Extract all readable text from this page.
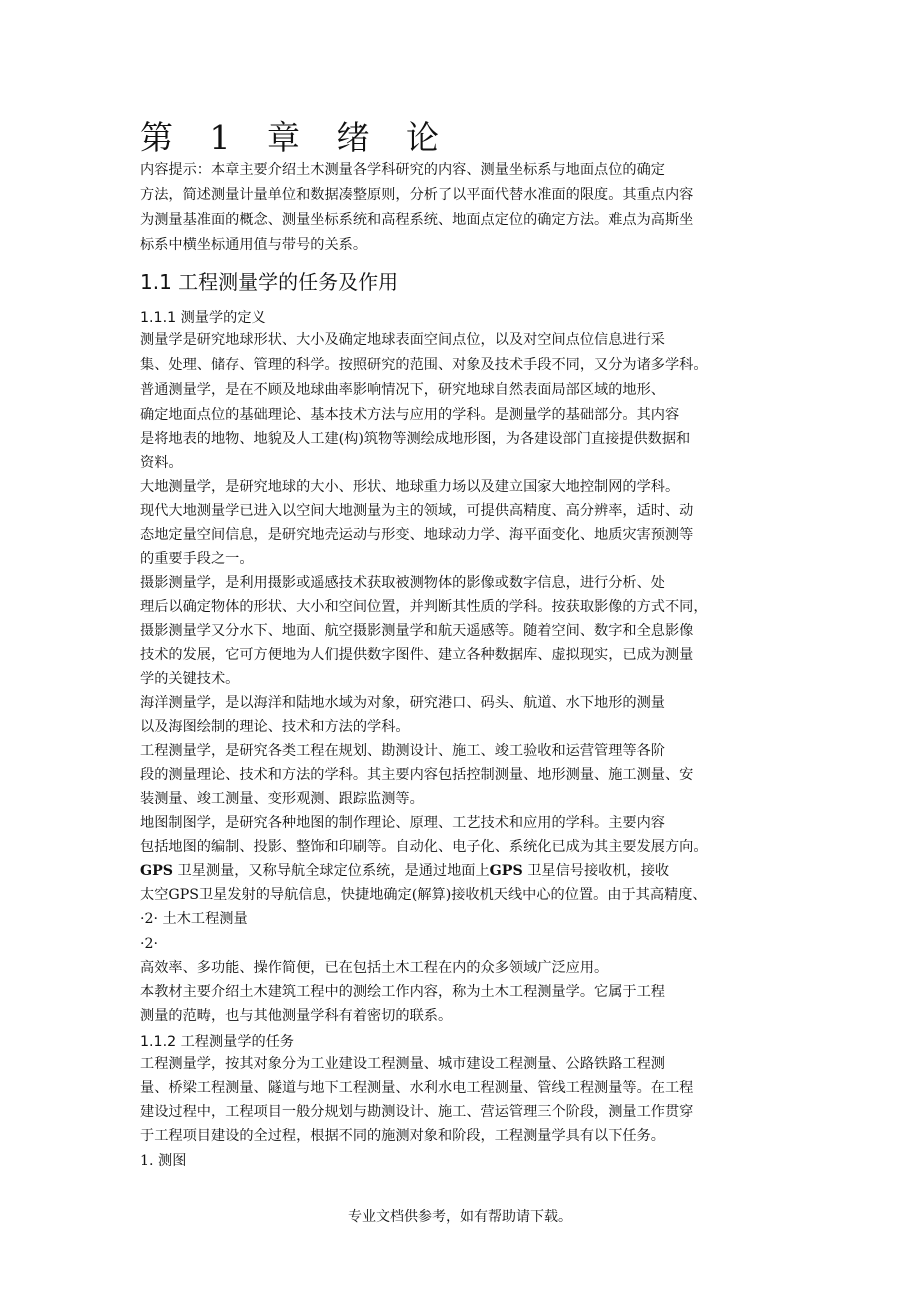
第 1 章 绪 论
内容提示：本章主要介绍土木测量各学科研究的内容、测量坐标系与地面点位的确定
方法，简述测量计量单位和数据凑整原则，分析了以平面代替水准面的限度。其重点内容
为测量基准面的概念、测量坐标系统和高程系统、地面点定位的确定方法。难点为高斯坐
标系中横坐标通用值与带号的关系。
1.1 工程测量学的任务及作用
1.1.1 测量学的定义
测量学是研究地球形状、大小及确定地球表面空间点位，以及对空间点位信息进行采
集、处理、储存、管理的科学。按照研究的范围、对象及技术手段不同，又分为诸多学科。
普通测量学，是在不顾及地球曲率影响情况下，研究地球自然表面局部区域的地形、
确定地面点位的基础理论、基本技术方法与应用的学科。是测量学的基础部分。其内容
是将地表的地物、地貌及人工建(构)筑物等测绘成地形图，为各建设部门直接提供数据和
资料。
大地测量学，是研究地球的大小、形状、地球重力场以及建立国家大地控制网的学科。
现代大地测量学已进入以空间大地测量为主的领域，可提供高精度、高分辨率，适时、动
态地定量空间信息，是研究地壳运动与形变、地球动力学、海平面变化、地质灾害预测等
的重要手段之一。
摄影测量学，是利用摄影或遥感技术获取被测物体的影像或数字信息，进行分析、处
理后以确定物体的形状、大小和空间位置，并判断其性质的学科。按获取影像的方式不同，
摄影测量学又分水下、地面、航空摄影测量学和航天遥感等。随着空间、数字和全息影像
技术的发展，它可方便地为人们提供数字图件、建立各种数据库、虚拟现实，已成为测量
学的关键技术。
海洋测量学，是以海洋和陆地水域为对象，研究港口、码头、航道、水下地形的测量
以及海图绘制的理论、技术和方法的学科。
工程测量学，是研究各类工程在规划、勘测设计、施工、竣工验收和运营管理等各阶
段的测量理论、技术和方法的学科。其主要内容包括控制测量、地形测量、施工测量、安
装测量、竣工测量、变形观测、跟踪监测等。
地图制图学，是研究各种地图的制作理论、原理、工艺技术和应用的学科。主要内容
包括地图的编制、投影、整饰和印刷等。自动化、电子化、系统化已成为其主要发展方向。
GPS 卫星测量，又称导航全球定位系统，是通过地面上GPS 卫星信号接收机，接收
太空GPS卫星发射的导航信息，快捷地确定(解算)接收机天线中心的位置。由于其高精度、
·2· 土木工程测量
·2·
高效率、多功能、操作简便，已在包括土木工程在内的众多领域广泛应用。
本教材主要介绍土木建筑工程中的测绘工作内容，称为土木工程测量学。它属于工程
测量的范畴，也与其他测量学科有着密切的联系。
1.1.2 工程测量学的任务
工程测量学，按其对象分为工业建设工程测量、城市建设工程测量、公路铁路工程测
量、桥梁工程测量、隧道与地下工程测量、水利水电工程测量、管线工程测量等。在工程
建设过程中，工程项目一般分规划与勘测设计、施工、营运管理三个阶段，测量工作贯穿
于工程项目建设的全过程，根据不同的施测对象和阶段，工程测量学具有以下任务。
1. 测图
专业文档供参考，如有帮助请下载。
